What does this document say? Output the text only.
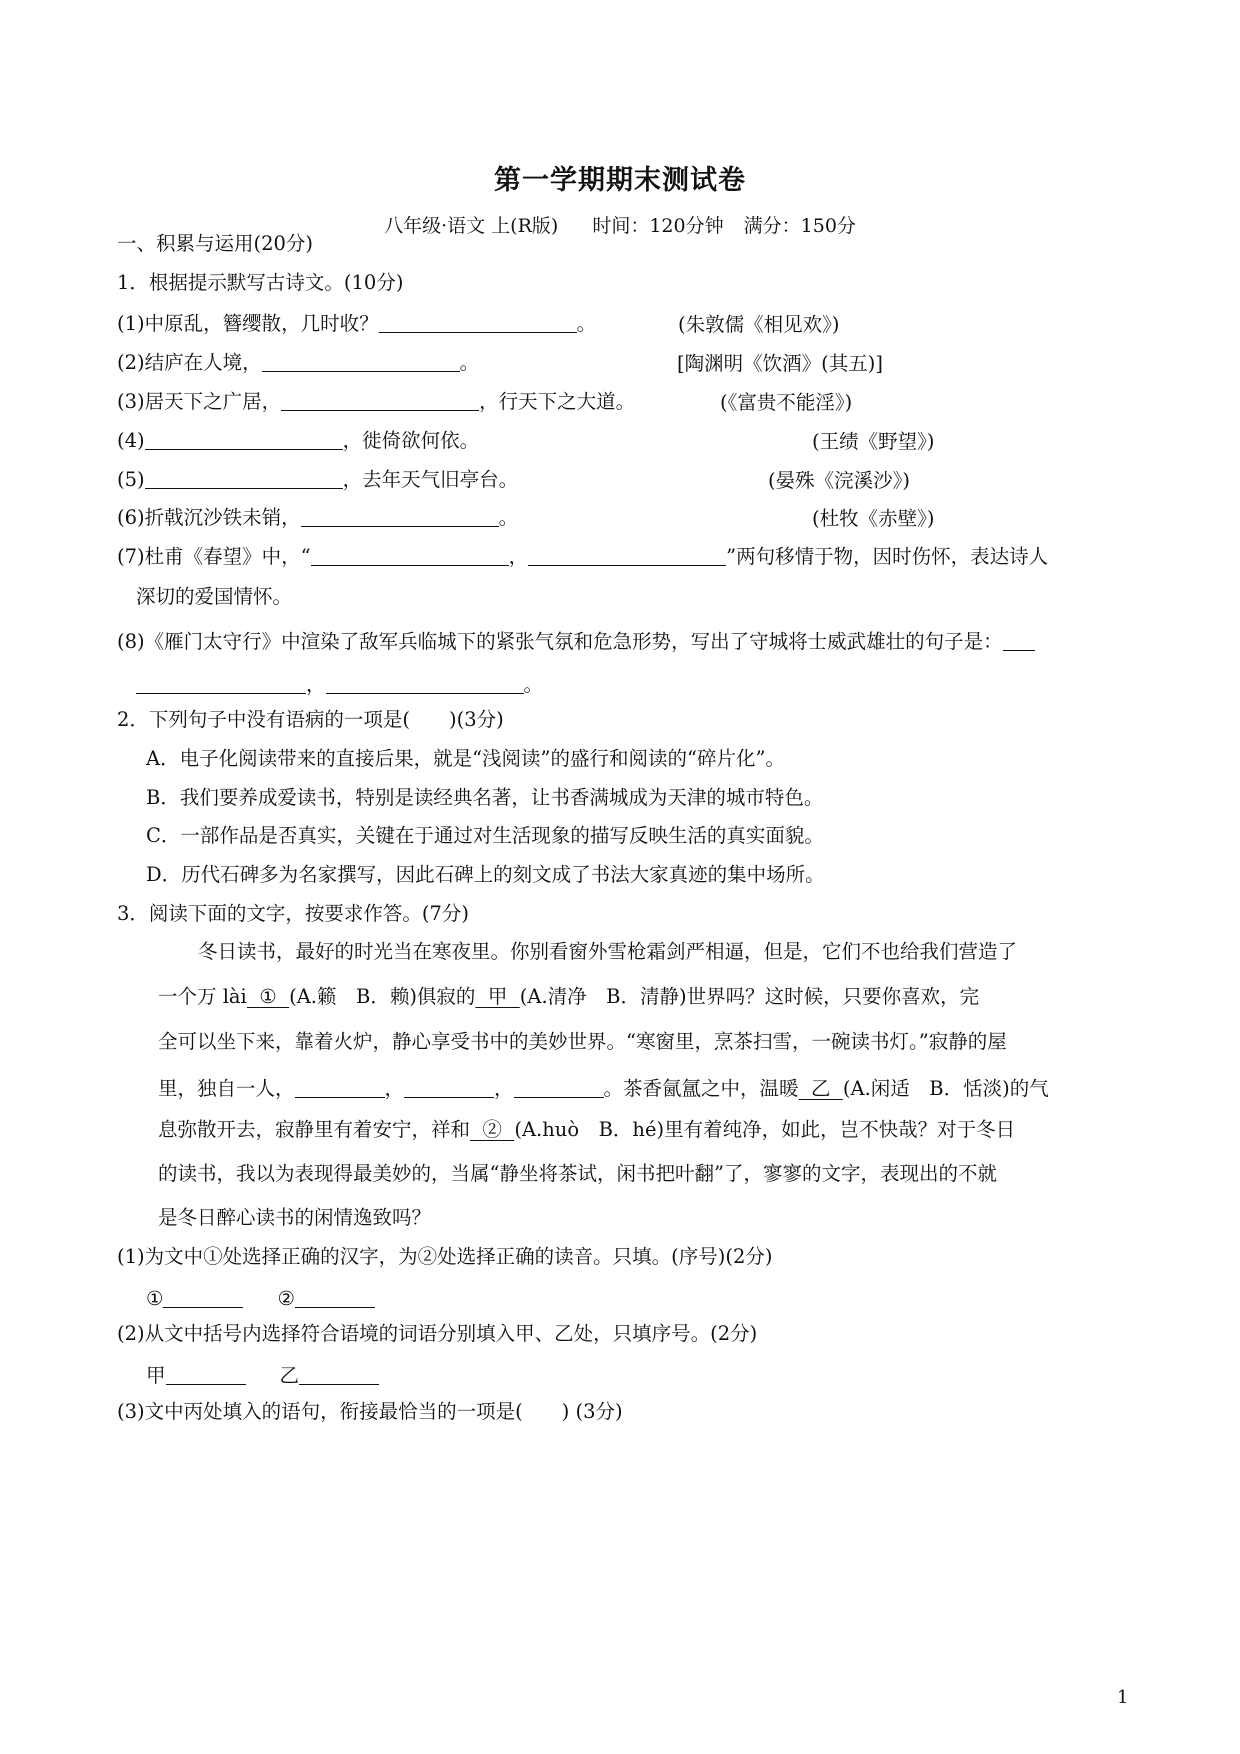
第一学期期末测试卷
八年级·语文 上(R版) 时间：120分钟 满分：150分
一、积累与运用(20分)
1．根据提示默写古诗文。(10分)
(1)中原乱，簪缨散，几时收？	。	(朱敦儒《相见欢》)
(2)结庐在人境，	。	[陶渊明《饮酒》(其五)]
(3)居天下之广居，	，行天下之大道。	(《富贵不能淫》)
(4)	，徙倚欲何依。	(王绩《野望》)
(5)	，去年天气旧亭台。	(晏殊《浣溪沙》)
(6)折戟沉沙铁未销，	。	(杜牧《赤壁》)
(7)杜甫《春望》中，“	，	”两句移情于物，因时伤怀，表达诗人
深切的爱国情怀。
(8)《雁门太守行》中渲染了敌军兵临城下的紧张气氛和危急形势，写出了守城将士威武雄壮的句子是：
，	。
2．下列句子中没有语病的一项是(　　)(3分)
A．电子化阅读带来的直接后果，就是“浅阅读”的盛行和阅读的“碎片化”。
B．我们要养成爱读书，特别是读经典名著，让书香满城成为天津的城市特色。
C．一部作品是否真实，关键在于通过对生活现象的描写反映生活的真实面貌。
D．历代石碑多为名家撰写，因此石碑上的刻文成了书法大家真迹的集中场所。
3．阅读下面的文字，按要求作答。(7分)
冬日读书，最好的时光当在寒夜里。你别看窗外雪枪霜剑严相逼，但是，它们不也给我们营造了
一个万 lài ① (A.籁　B．赖)俱寂的 甲 (A.清净　B．清静)世界吗？这时候，只要你喜欢，完
全可以坐下来，靠着火炉，静心享受书中的美妙世界。“寒窗里，烹茶扫雪，一碗读书灯。”寂静的屋
里，独自一人，	，	，	。茶香氤氲之中，温暖 乙 (A.闲适　B．恬淡)的气
息弥散开去，寂静里有着安宁，祥和 ② (A.huò　B．hé)里有着纯净，如此，岂不快哉？对于冬日
的读书，我以为表现得最美妙的，当属“静坐将茶试，闲书把叶翻”了，寥寥的文字，表现出的不就
是冬日醉心读书的闲情逸致吗？
(1)为文中①处选择正确的汉字，为②处选择正确的读音。只填。(序号)(2分)
①	②
(2)从文中括号内选择符合语境的词语分别填入甲、乙处，只填序号。(2分)
甲	乙
(3)文中丙处填入的语句，衔接最恰当的一项是(　　) (3分)
1
